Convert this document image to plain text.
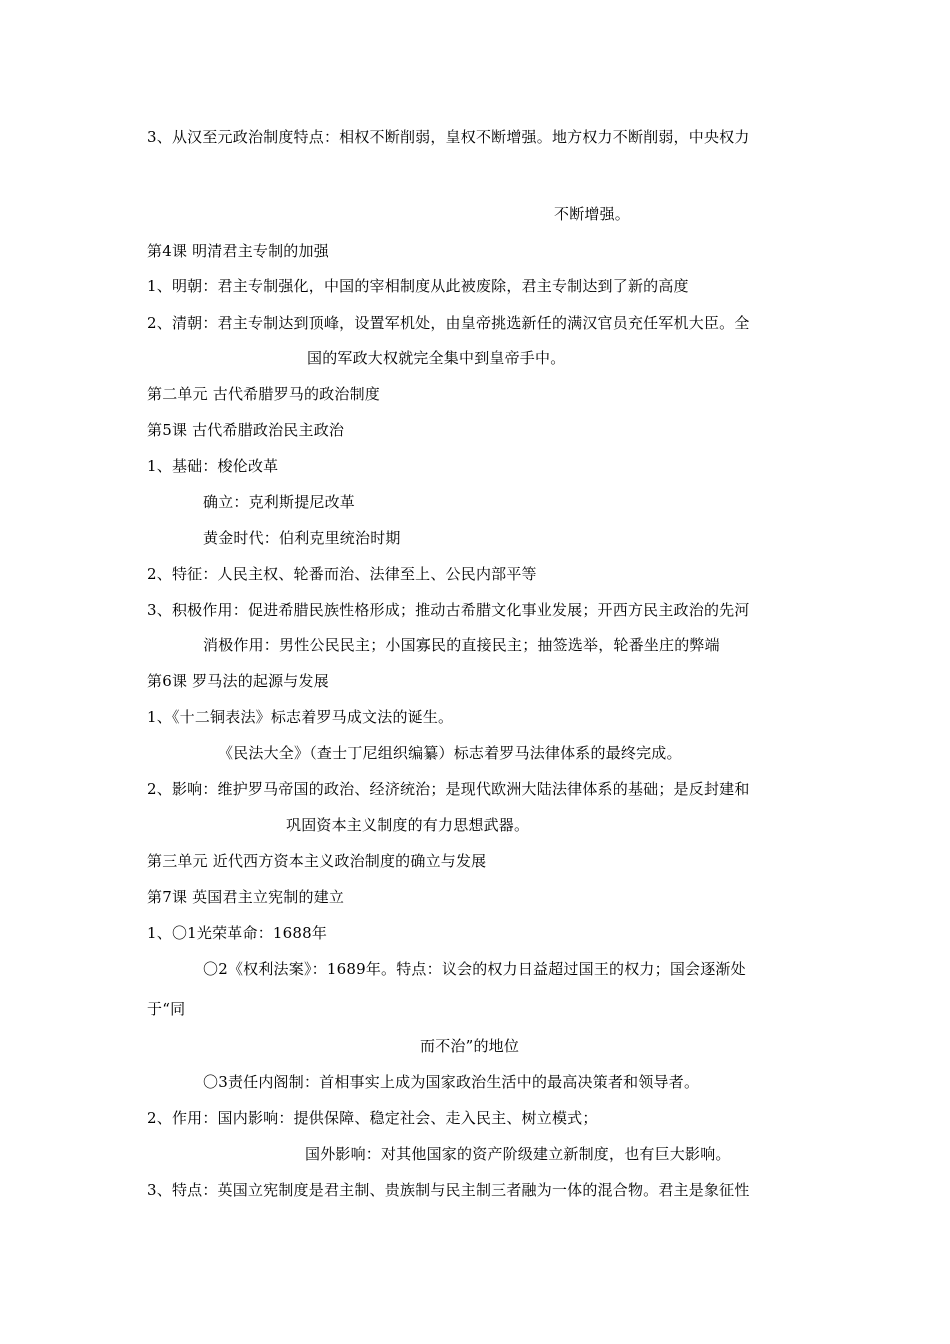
3、从汉至元政治制度特点：相权不断削弱，皇权不断增强。地方权力不断削弱，中央权力
不断增强。
第4课 明清君主专制的加强
1、明朝：君主专制强化，中国的宰相制度从此被废除，君主专制达到了新的高度
2、清朝：君主专制达到顶峰，设置军机处，由皇帝挑选新任的满汉官员充任军机大臣。全
国的军政大权就完全集中到皇帝手中。
第二单元 古代希腊罗马的政治制度
第5课 古代希腊政治民主政治
1、基础：梭伦改革
确立：克利斯提尼改革
黄金时代：伯利克里统治时期
2、特征：人民主权、轮番而治、法律至上、公民内部平等
3、积极作用：促进希腊民族性格形成；推动古希腊文化事业发展；开西方民主政治的先河
消极作用：男性公民民主；小国寡民的直接民主；抽签选举，轮番坐庄的弊端
第6课 罗马法的起源与发展
1、《十二铜表法》标志着罗马成文法的诞生。
《民法大全》（查士丁尼组织编纂）标志着罗马法律体系的最终完成。
2、影响：维护罗马帝国的政治、经济统治；是现代欧洲大陆法律体系的基础；是反封建和
巩固资本主义制度的有力思想武器。
第三单元 近代西方资本主义政治制度的确立与发展
第7课 英国君主立宪制的建立
1、〇1光荣革命：1688年
〇2《权利法案》：1689年。特点：议会的权力日益超过国王的权力；国会逐渐处
于“同
而不治”的地位
〇3责任内阁制：首相事实上成为国家政治生活中的最高决策者和领导者。
2、作用：国内影响：提供保障、稳定社会、走入民主、树立模式；
国外影响：对其他国家的资产阶级建立新制度，也有巨大影响。
3、特点：英国立宪制度是君主制、贵族制与民主制三者融为一体的混合物。君主是象征性
